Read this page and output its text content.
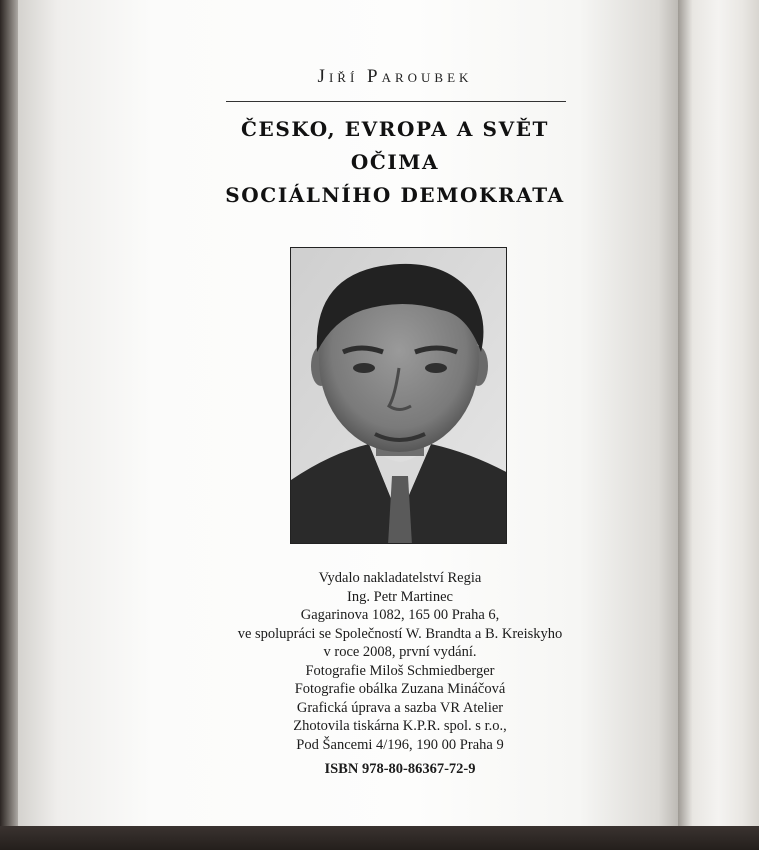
Jiří Paroubek
ČESKO, EVROPA A SVĚT
OČIMA
SOCIÁLNÍHO DEMOKRATA
Vydalo nakladatelství Regia
Ing. Petr Martinec
Gagarinova 1082, 165 00 Praha 6,
ve spolupráci se Společností W. Brandta a B. Kreiskyho
v roce 2008, první vydání.
Fotografie Miloš Schmiedberger
Fotografie obálka Zuzana Mináčová
Grafická úprava a sazba VR Atelier
Zhotovila tiskárna K.P.R. spol. s r.o.,
Pod Šancemi 4/196, 190 00 Praha 9
ISBN 978-80-86367-72-9
